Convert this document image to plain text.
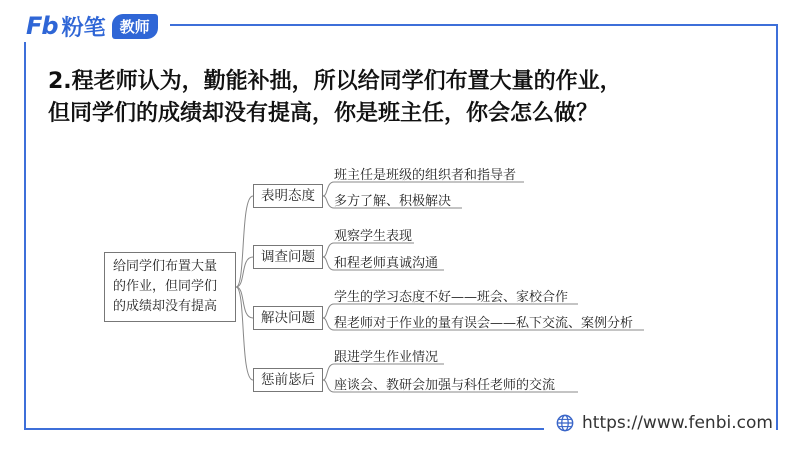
Fb 粉笔 教师
2.程老师认为，勤能补拙，所以给同学们布置大量的作业，
但同学们的成绩却没有提高，你是班主任，你会怎么做？
给同学们布置大量
的作业，但同学们
的成绩却没有提高
表明态度
调查问题
解决问题
惩前毖后
班主任是班级的组织者和指导者
多方了解、积极解决
观察学生表现
和程老师真诚沟通
学生的学习态度不好——班会、家校合作
程老师对于作业的量有误会——私下交流、案例分析
跟进学生作业情况
座谈会、教研会加强与科任老师的交流
https://www.fenbi.com
